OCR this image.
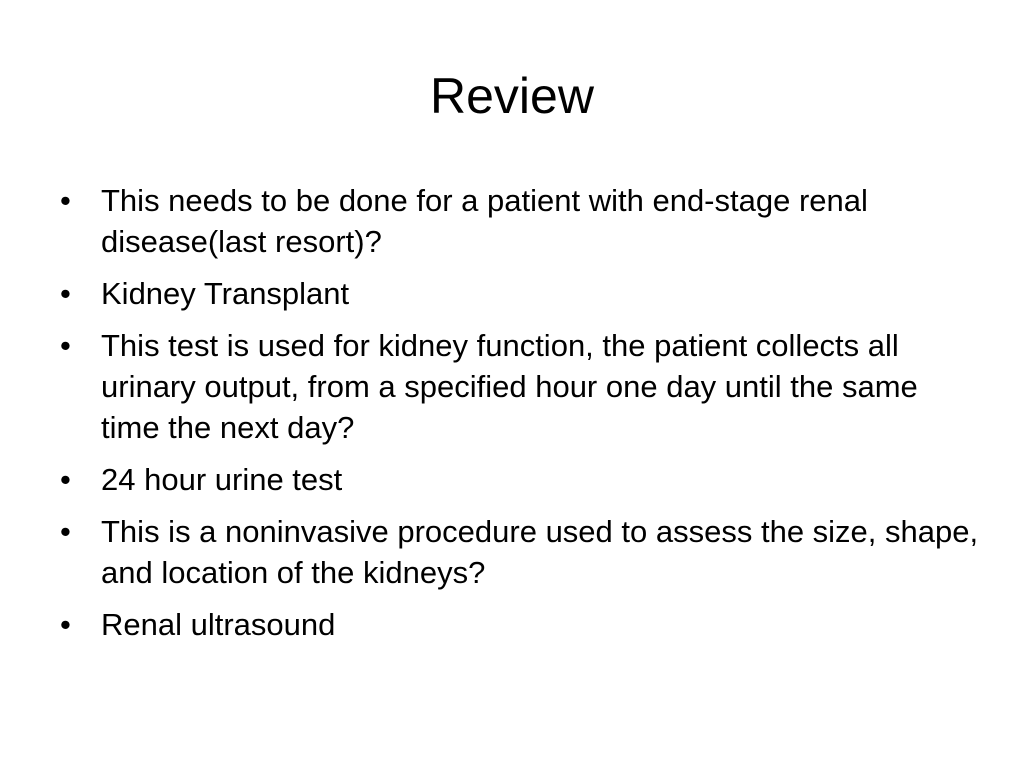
Review
• This needs to be done for a patient with end-stage renal disease(last resort)?
• Kidney Transplant
• This test is used for kidney function, the patient collects all urinary output, from a specified hour one day until the same time the next day?
• 24 hour urine test
• This is a noninvasive procedure used to assess the size, shape, and location of the kidneys?
• Renal ultrasound
